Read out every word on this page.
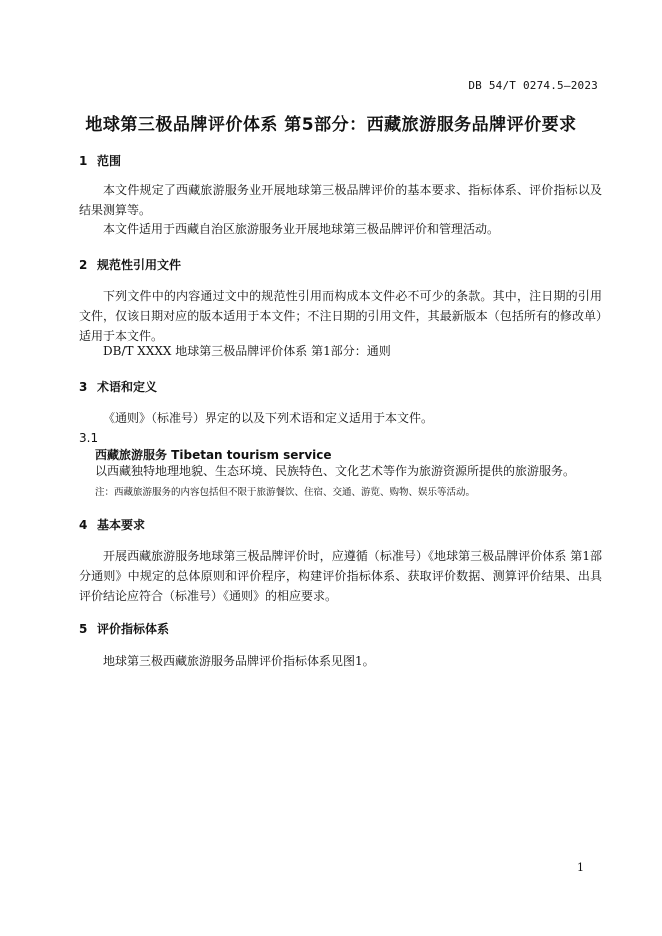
DB 54/T 0274.5—2023
地球第三极品牌评价体系 第5部分：西藏旅游服务品牌评价要求
1 范围
本文件规定了西藏旅游服务业开展地球第三极品牌评价的基本要求、指标体系、评价指标以及结果测算等。
本文件适用于西藏自治区旅游服务业开展地球第三极品牌评价和管理活动。
2 规范性引用文件
下列文件中的内容通过文中的规范性引用而构成本文件必不可少的条款。其中，注日期的引用文件，仅该日期对应的版本适用于本文件；不注日期的引用文件，其最新版本（包括所有的修改单）适用于本文件。
DB/T XXXX 地球第三极品牌评价体系 第1部分：通则
3 术语和定义
《通则》（标准号）界定的以及下列术语和定义适用于本文件。
3.1
西藏旅游服务 Tibetan tourism service
以西藏独特地理地貌、生态环境、民族特色、文化艺术等作为旅游资源所提供的旅游服务。
注：西藏旅游服务的内容包括但不限于旅游餐饮、住宿、交通、游览、购物、娱乐等活动。
4 基本要求
开展西藏旅游服务地球第三极品牌评价时，应遵循（标准号）《地球第三极品牌评价体系 第1部分通则》中规定的总体原则和评价程序，构建评价指标体系、获取评价数据、测算评价结果、出具评价结论应符合（标准号）《通则》的相应要求。
5 评价指标体系
地球第三极西藏旅游服务品牌评价指标体系见图1。
1
